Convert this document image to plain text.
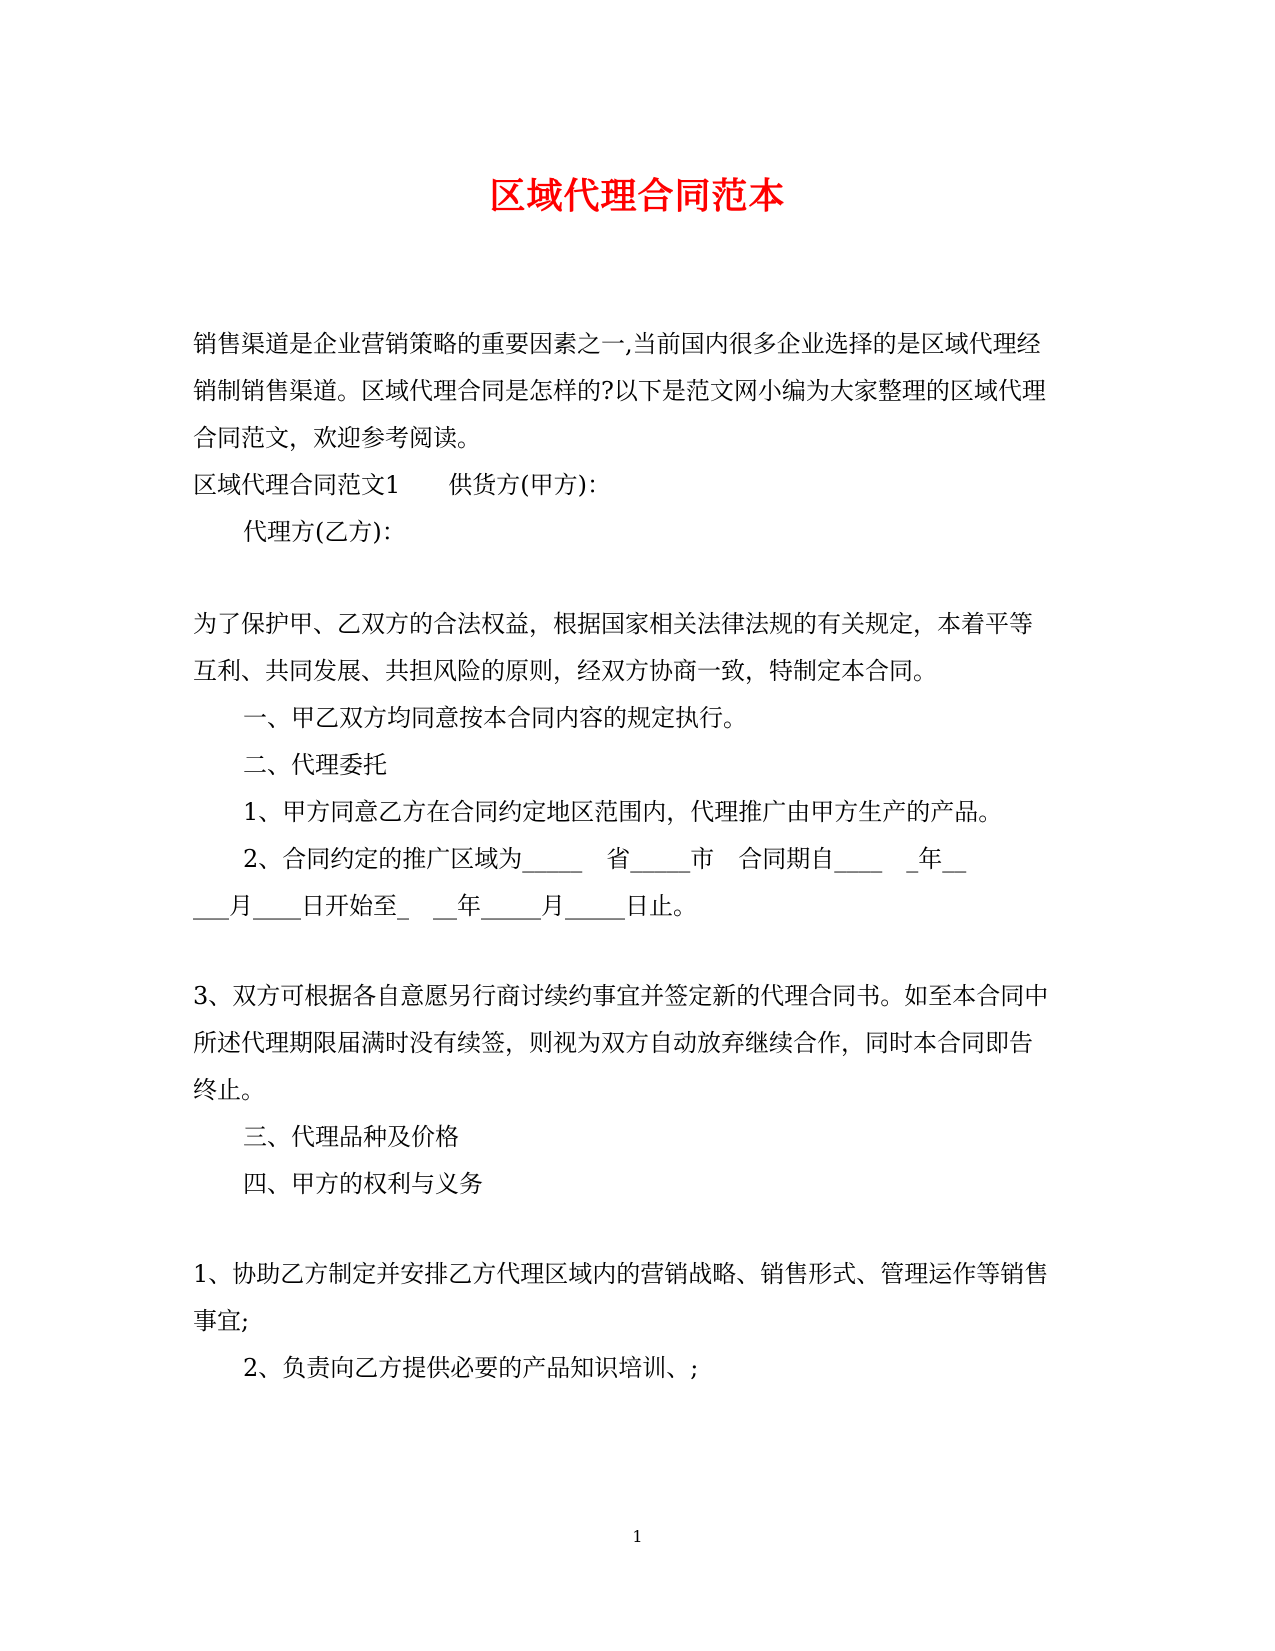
区域代理合同范本
销售渠道是企业营销策略的重要因素之一,当前国内很多企业选择的是区域代理经
销制销售渠道。区域代理合同是怎样的?以下是范文网小编为大家整理的区域代理
合同范文，欢迎参考阅读。
区域代理合同范文1　　供货方(甲方)：
代理方(乙方)：
为了保护甲、乙双方的合法权益，根据国家相关法律法规的有关规定，本着平等
互利、共同发展、共担风险的原则，经双方协商一致，特制定本合同。
一、甲乙双方均同意按本合同内容的规定执行。
二、代理委托
1、甲方同意乙方在合同约定地区范围内，代理推广由甲方生产的产品。
2、合同约定的推广区域为_____　省_____市　合同期自____　_年__
___月____日开始至_　__年_____月_____日止。
3、双方可根据各自意愿另行商讨续约事宜并签定新的代理合同书。如至本合同中
所述代理期限届满时没有续签，则视为双方自动放弃继续合作，同时本合同即告
终止。
三、代理品种及价格
四、甲方的权利与义务
1、协助乙方制定并安排乙方代理区域内的营销战略、销售形式、管理运作等销售
事宜;
2、负责向乙方提供必要的产品知识培训、;
1
